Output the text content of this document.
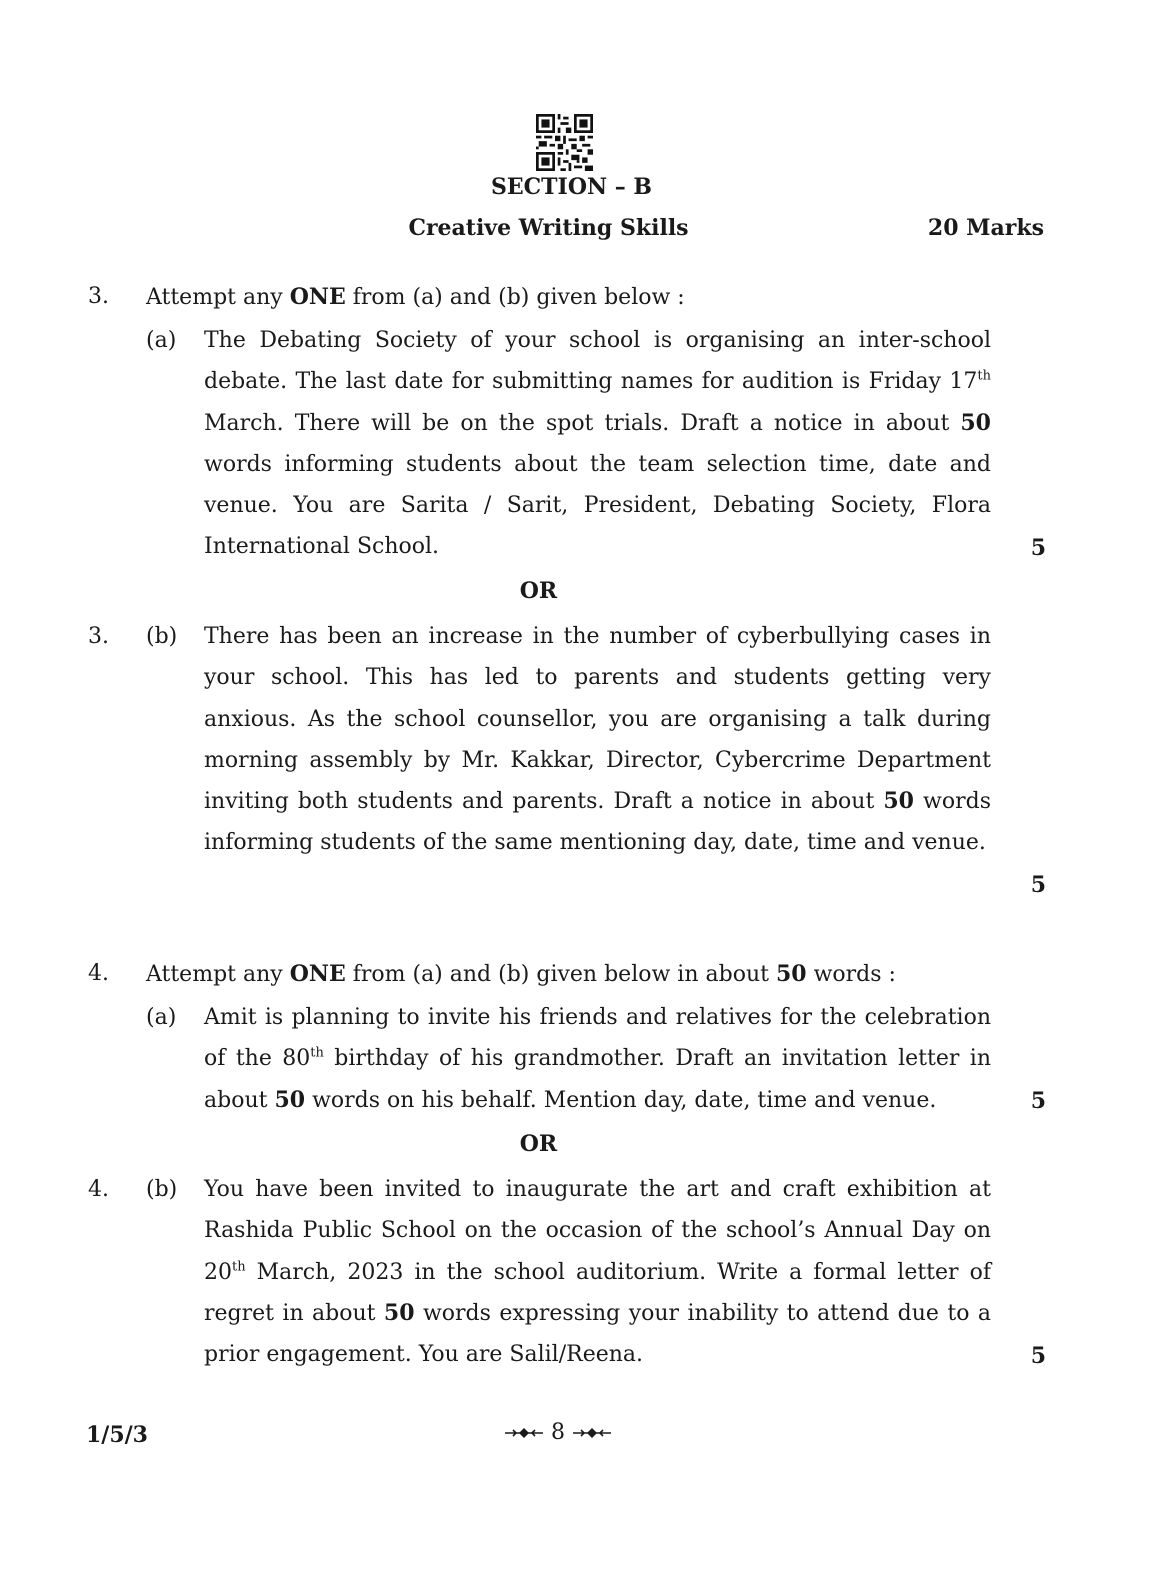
SECTION – B
Creative Writing Skills	20 Marks
3. Attempt any ONE from (a) and (b) given below :
(a) The Debating Society of your school is organising an inter-school debate. The last date for submitting names for audition is Friday 17th March. There will be on the spot trials. Draft a notice in about 50 words informing students about the team selection time, date and venue. You are Sarita / Sarit, President, Debating Society, Flora International School.	5
OR
3. (b) There has been an increase in the number of cyberbullying cases in your school. This has led to parents and students getting very anxious. As the school counsellor, you are organising a talk during morning assembly by Mr. Kakkar, Director, Cybercrime Department inviting both students and parents. Draft a notice in about 50 words informing students of the same mentioning day, date, time and venue.

5
4. Attempt any ONE from (a) and (b) given below in about 50 words :
(a) Amit is planning to invite his friends and relatives for the celebration of the 80th birthday of his grandmother. Draft an invitation letter in about 50 words on his behalf. Mention day, date, time and venue.	5
OR
4. (b) You have been invited to inaugurate the art and craft exhibition at Rashida Public School on the occasion of the school’s Annual Day on 20th March, 2023 in the school auditorium. Write a formal letter of regret in about 50 words expressing your inability to attend due to a prior engagement. You are Salil/Reena.	5
1/5/3	8
